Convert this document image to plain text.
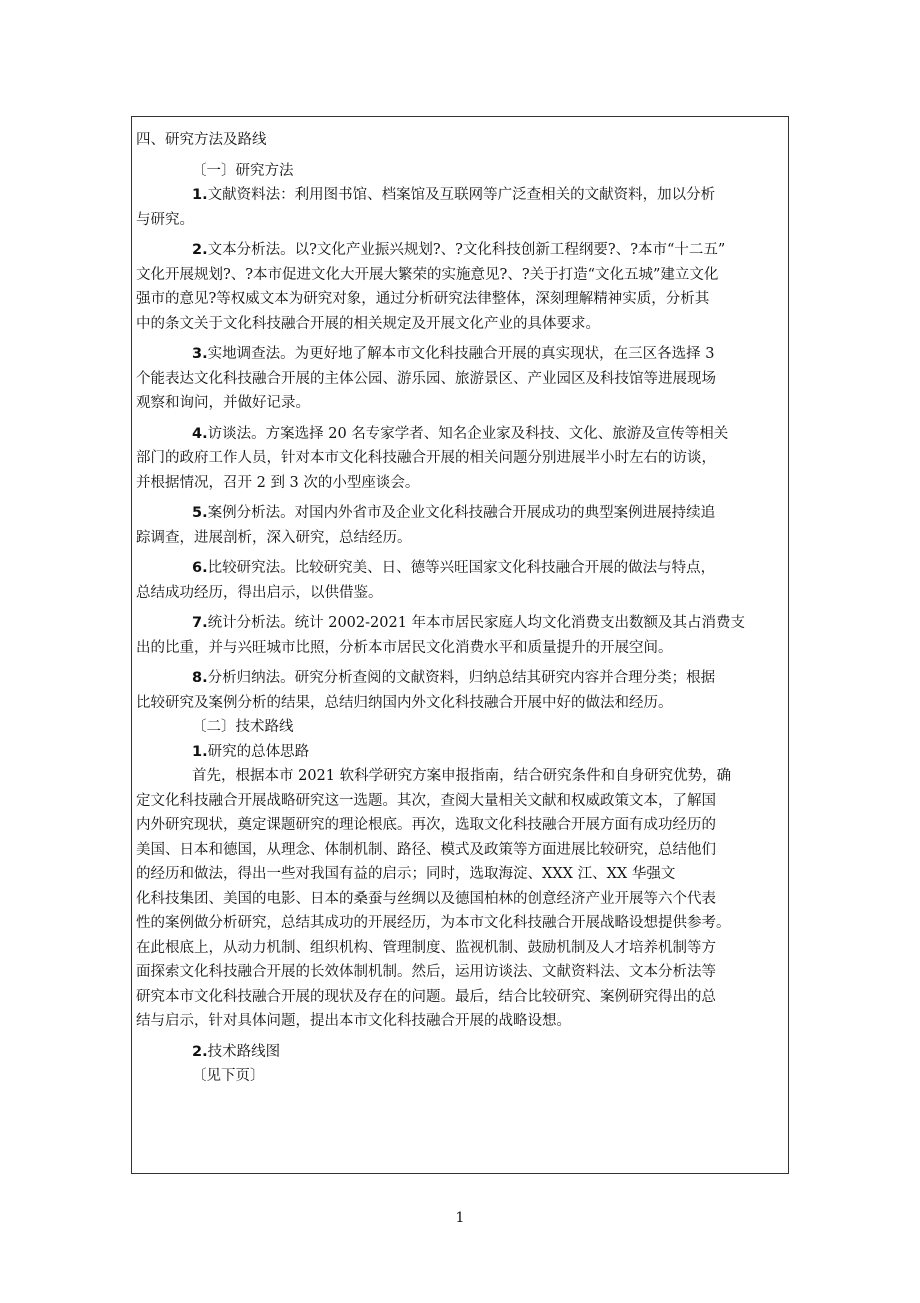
四、研究方法及路线
〔一〕研究方法
1.文献资料法：利用图书馆、档案馆及互联网等广泛查相关的文献资料，加以分析
与研究。
2.文本分析法。以?文化产业振兴规划?、?文化科技创新工程纲要?、?本市“十二五”
文化开展规划?、?本市促进文化大开展大繁荣的实施意见?、?关于打造“文化五城”建立文化
强市的意见?等权威文本为研究对象，通过分析研究法律整体，深刻理解精神实质，分析其
中的条文关于文化科技融合开展的相关规定及开展文化产业的具体要求。
3.实地调查法。为更好地了解本市文化科技融合开展的真实现状，在三区各选择 3
个能表达文化科技融合开展的主体公园、游乐园、旅游景区、产业园区及科技馆等进展现场
观察和询问，并做好记录。
4.访谈法。方案选择 20 名专家学者、知名企业家及科技、文化、旅游及宣传等相关
部门的政府工作人员，针对本市文化科技融合开展的相关问题分别进展半小时左右的访谈，
并根据情况，召开 2 到 3 次的小型座谈会。
5.案例分析法。对国内外省市及企业文化科技融合开展成功的典型案例进展持续追
踪调查，进展剖析，深入研究，总结经历。
6.比较研究法。比较研究美、日、德等兴旺国家文化科技融合开展的做法与特点，
总结成功经历，得出启示，以供借鉴。
7.统计分析法。统计 2002-2021 年本市居民家庭人均文化消费支出数额及其占消费支
出的比重，并与兴旺城市比照，分析本市居民文化消费水平和质量提升的开展空间。
8.分析归纳法。研究分析查阅的文献资料，归纳总结其研究内容并合理分类；根据
比较研究及案例分析的结果，总结归纳国内外文化科技融合开展中好的做法和经历。
〔二〕技术路线
1.研究的总体思路
首先，根据本市 2021 软科学研究方案申报指南，结合研究条件和自身研究优势，确
定文化科技融合开展战略研究这一选题。其次，查阅大量相关文献和权威政策文本，了解国
内外研究现状，奠定课题研究的理论根底。再次，选取文化科技融合开展方面有成功经历的
美国、日本和德国，从理念、体制机制、路径、模式及政策等方面进展比较研究，总结他们
的经历和做法，得出一些对我国有益的启示；同时，选取海淀、XXX 江、XX 华强文
化科技集团、美国的电影、日本的桑蚕与丝绸以及德国柏林的创意经济产业开展等六个代表
性的案例做分析研究，总结其成功的开展经历，为本市文化科技融合开展战略设想提供参考。
在此根底上，从动力机制、组织机构、管理制度、监视机制、鼓励机制及人才培养机制等方
面探索文化科技融合开展的长效体制机制。然后，运用访谈法、文献资料法、文本分析法等
研究本市文化科技融合开展的现状及存在的问题。最后，结合比较研究、案例研究得出的总
结与启示，针对具体问题，提出本市文化科技融合开展的战略设想。
2.技术路线图
〔见下页〕
1
